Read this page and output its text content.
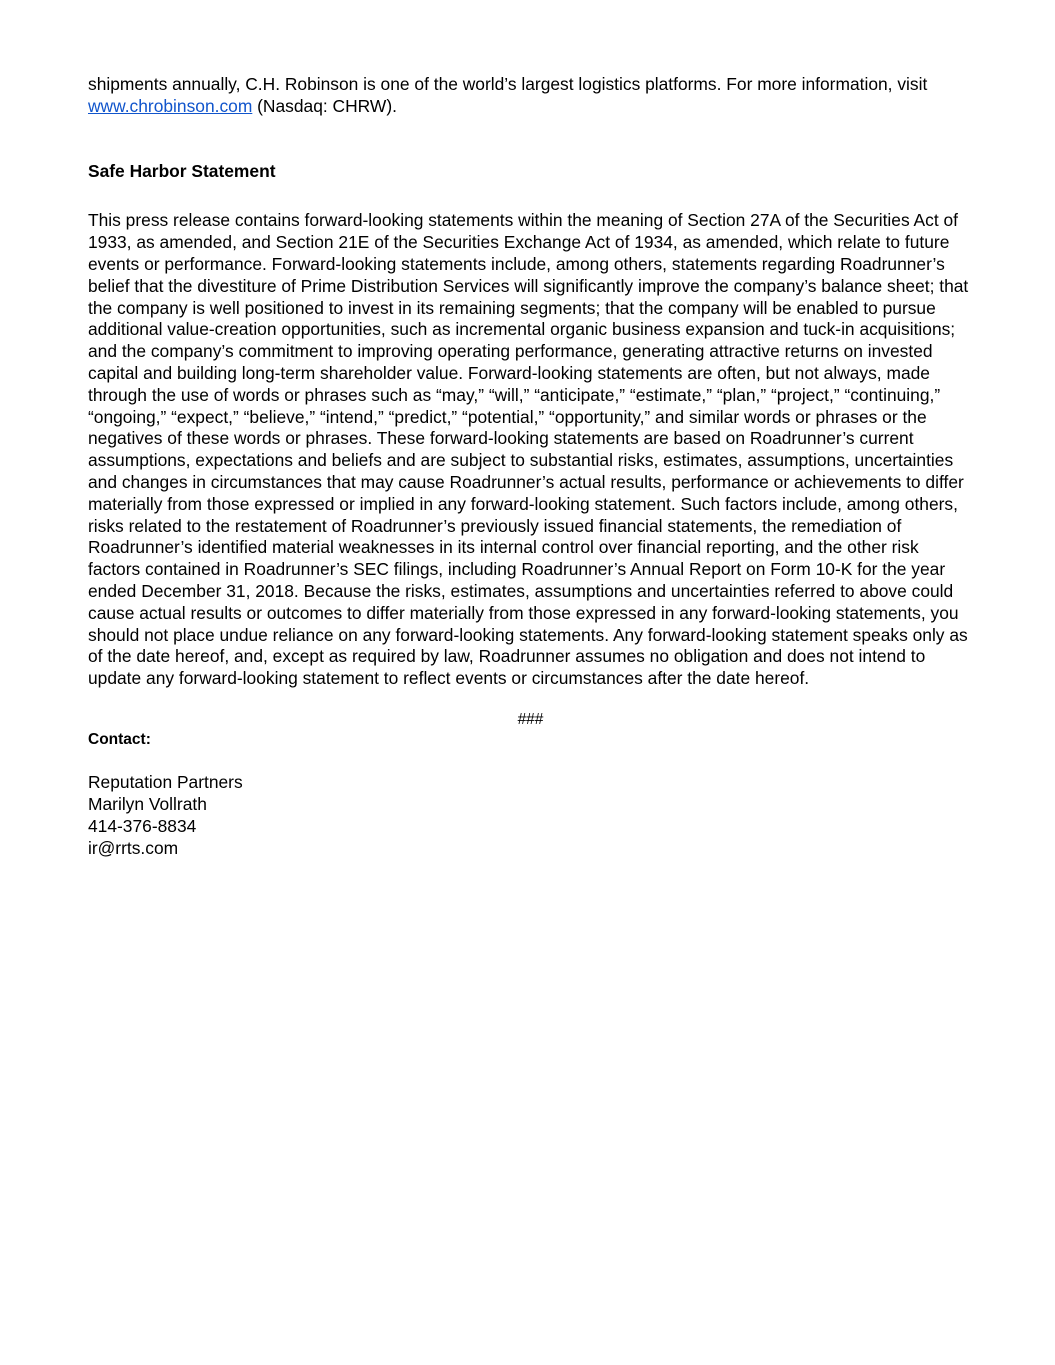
shipments annually, C.H. Robinson is one of the world’s largest logistics platforms. For more information, visit www.chrobinson.com (Nasdaq: CHRW).

Safe Harbor Statement

This press release contains forward-looking statements within the meaning of Section 27A of the Securities Act of 1933, as amended, and Section 21E of the Securities Exchange Act of 1934, as amended, which relate to future events or performance. Forward-looking statements include, among others, statements regarding Roadrunner’s belief that the divestiture of Prime Distribution Services will significantly improve the company’s balance sheet; that the company is well positioned to invest in its remaining segments; that the company will be enabled to pursue additional value-creation opportunities, such as incremental organic business expansion and tuck-in acquisitions; and the company’s commitment to improving operating performance, generating attractive returns on invested capital and building long-term shareholder value. Forward-looking statements are often, but not always, made through the use of words or phrases such as “may,” “will,” “anticipate,” “estimate,” “plan,” “project,” “continuing,” “ongoing,” “expect,” “believe,” “intend,” “predict,” “potential,” “opportunity,” and similar words or phrases or the negatives of these words or phrases. These forward-looking statements are based on Roadrunner’s current assumptions, expectations and beliefs and are subject to substantial risks, estimates, assumptions, uncertainties and changes in circumstances that may cause Roadrunner’s actual results, performance or achievements to differ materially from those expressed or implied in any forward-looking statement. Such factors include, among others, risks related to the restatement of Roadrunner’s previously issued financial statements, the remediation of Roadrunner’s identified material weaknesses in its internal control over financial reporting, and the other risk factors contained in Roadrunner’s SEC filings, including Roadrunner’s Annual Report on Form 10-K for the year ended December 31, 2018. Because the risks, estimates, assumptions and uncertainties referred to above could cause actual results or outcomes to differ materially from those expressed in any forward-looking statements, you should not place undue reliance on any forward-looking statements. Any forward-looking statement speaks only as of the date hereof, and, except as required by law, Roadrunner assumes no obligation and does not intend to update any forward-looking statement to reflect events or circumstances after the date hereof.

###
Contact:
Reputation Partners
Marilyn Vollrath
414-376-8834
ir@rrts.com
